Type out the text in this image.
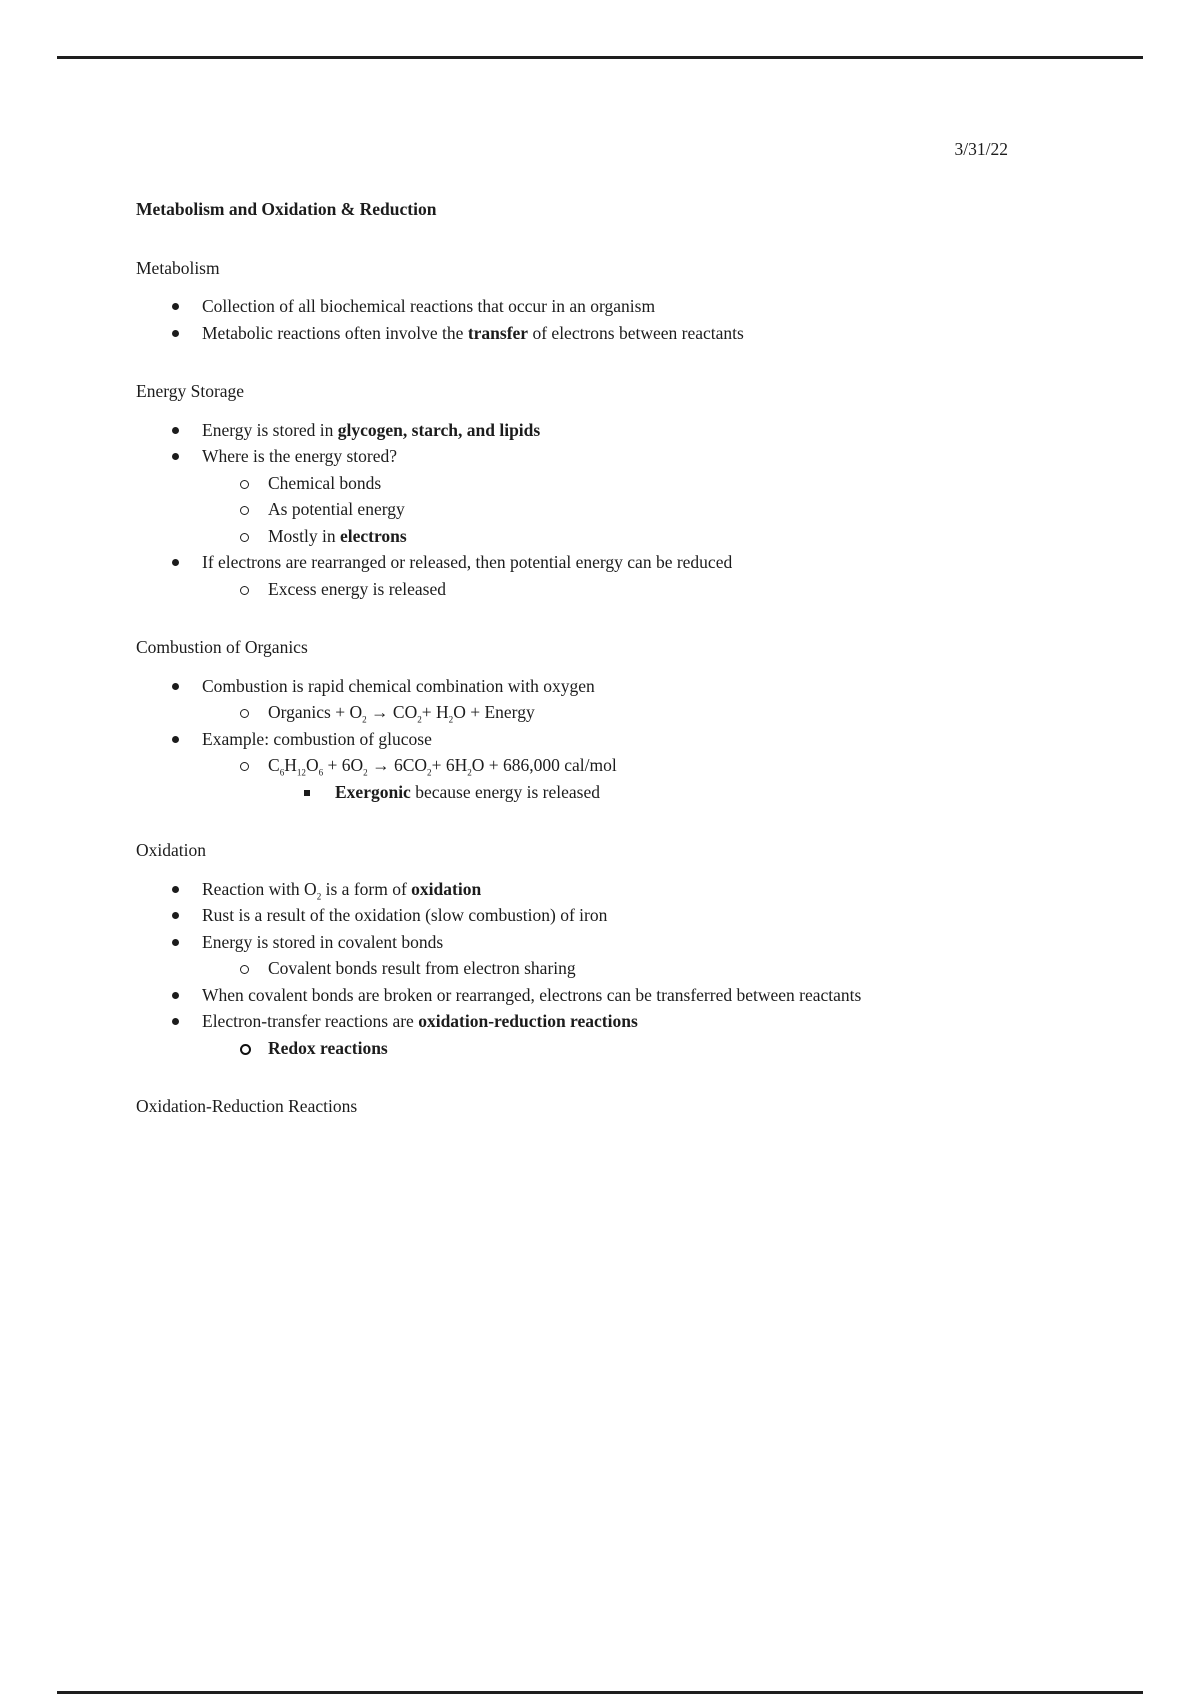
3/31/22
Metabolism and Oxidation & Reduction
Metabolism
Collection of all biochemical reactions that occur in an organism
Metabolic reactions often involve the transfer of electrons between reactants
Energy Storage
Energy is stored in glycogen, starch, and lipids
Where is the energy stored?
Chemical bonds
As potential energy
Mostly in electrons
If electrons are rearranged or released, then potential energy can be reduced
Excess energy is released
Combustion of Organics
Combustion is rapid chemical combination with oxygen
Organics + $O_2 \to CO_2+ H_2O$ + Energy
Example: combustion of glucose
$C_6H_{12}O_6 + 6O_2 \to 6CO_2+ 6H_2O + 686,000$ cal/mol
Exergonic because energy is released
Oxidation
Reaction with $O_2$ is a form of oxidation
Rust is a result of the oxidation (slow combustion) of iron
Energy is stored in covalent bonds
Covalent bonds result from electron sharing
When covalent bonds are broken or rearranged, electrons can be transferred between reactants
Electron-transfer reactions are oxidation-reduction reactions
Redox reactions
Oxidation-Reduction Reactions
